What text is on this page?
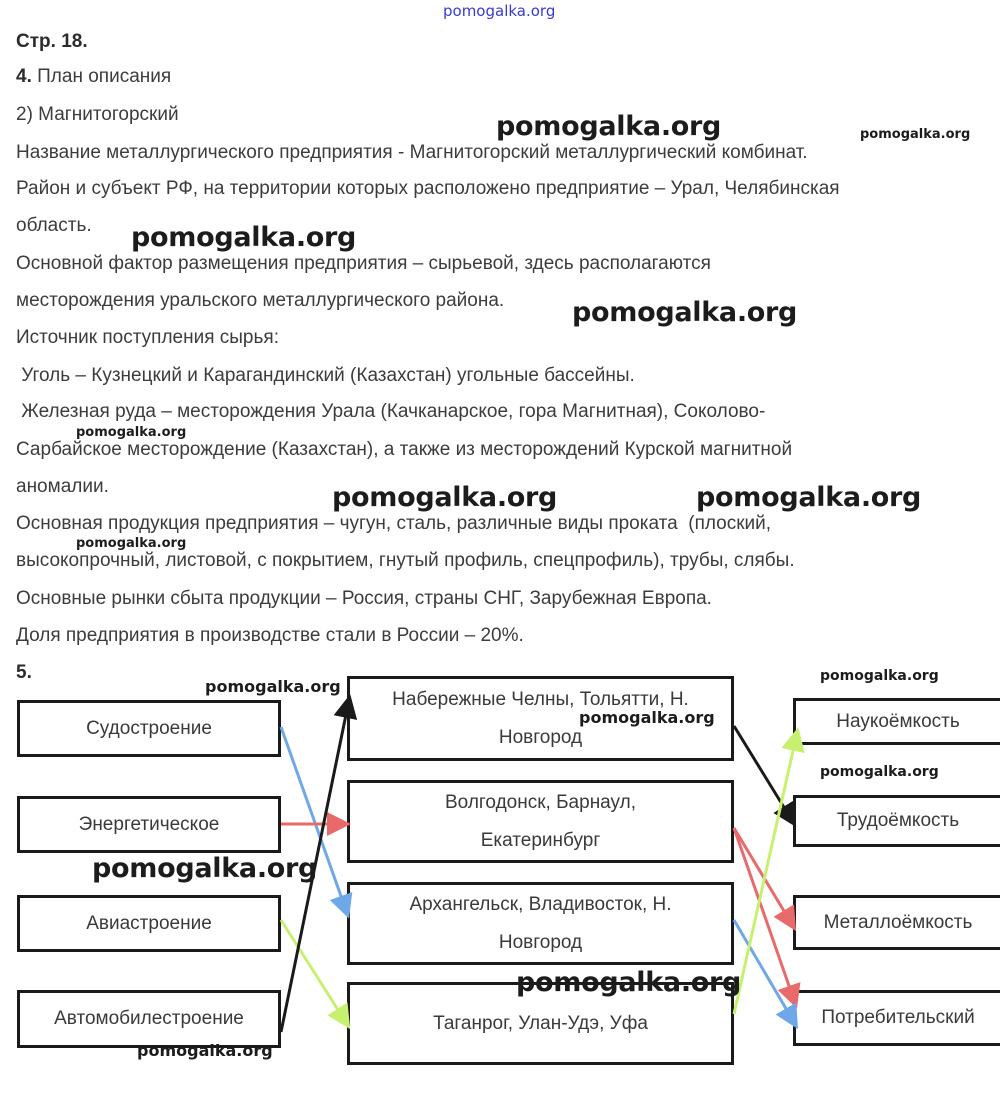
pomogalka.org
Стр. 18.
4. План описания
2) Магнитогорский
Название металлургического предприятия - Магнитогорский металлургический комбинат.
Район и субъект РФ, на территории которых расположено предприятие – Урал, Челябинская
область.
Основной фактор размещения предприятия – сырьевой, здесь располагаются
месторождения уральского металлургического района.
Источник поступления сырья:
Уголь – Кузнецкий и Карагандинский (Казахстан) угольные бассейны.
Железная руда – месторождения Урала (Качканарское, гора Магнитная), Соколово-
Сарбайское месторождение (Казахстан), а также из месторождений Курской магнитной
аномалии.
Основная продукция предприятия – чугун, сталь, различные виды проката  (плоский,
высокопрочный, листовой, с покрытием, гнутый профиль, спецпрофиль), трубы, слябы.
Основные рынки сбыта продукции – Россия, страны СНГ, Зарубежная Европа.
Доля предприятия в производстве стали в России – 20%.
5.
Судостроение
Энергетическое
Авиастроение
Автомобилестроение
Набережные Челны, Тольятти, Н.
Новгород
Волгодонск, Барнаул,
Екатеринбург
Архангельск, Владивосток, Н.
Новгород
Таганрог, Улан-Удэ, Уфа
Наукоёмкость
Трудоёмкость
Металлоёмкость
Потребительский
pomogalka.org	pomogalka.org
pomogalka.org
pomogalka.org
pomogalka.org
pomogalka.org	pomogalka.org
pomogalka.org
pomogalka.org
pomogalka.org
pomogalka.org
pomogalka.org
pomogalka.org
pomogalka.org
pomogalka.org
